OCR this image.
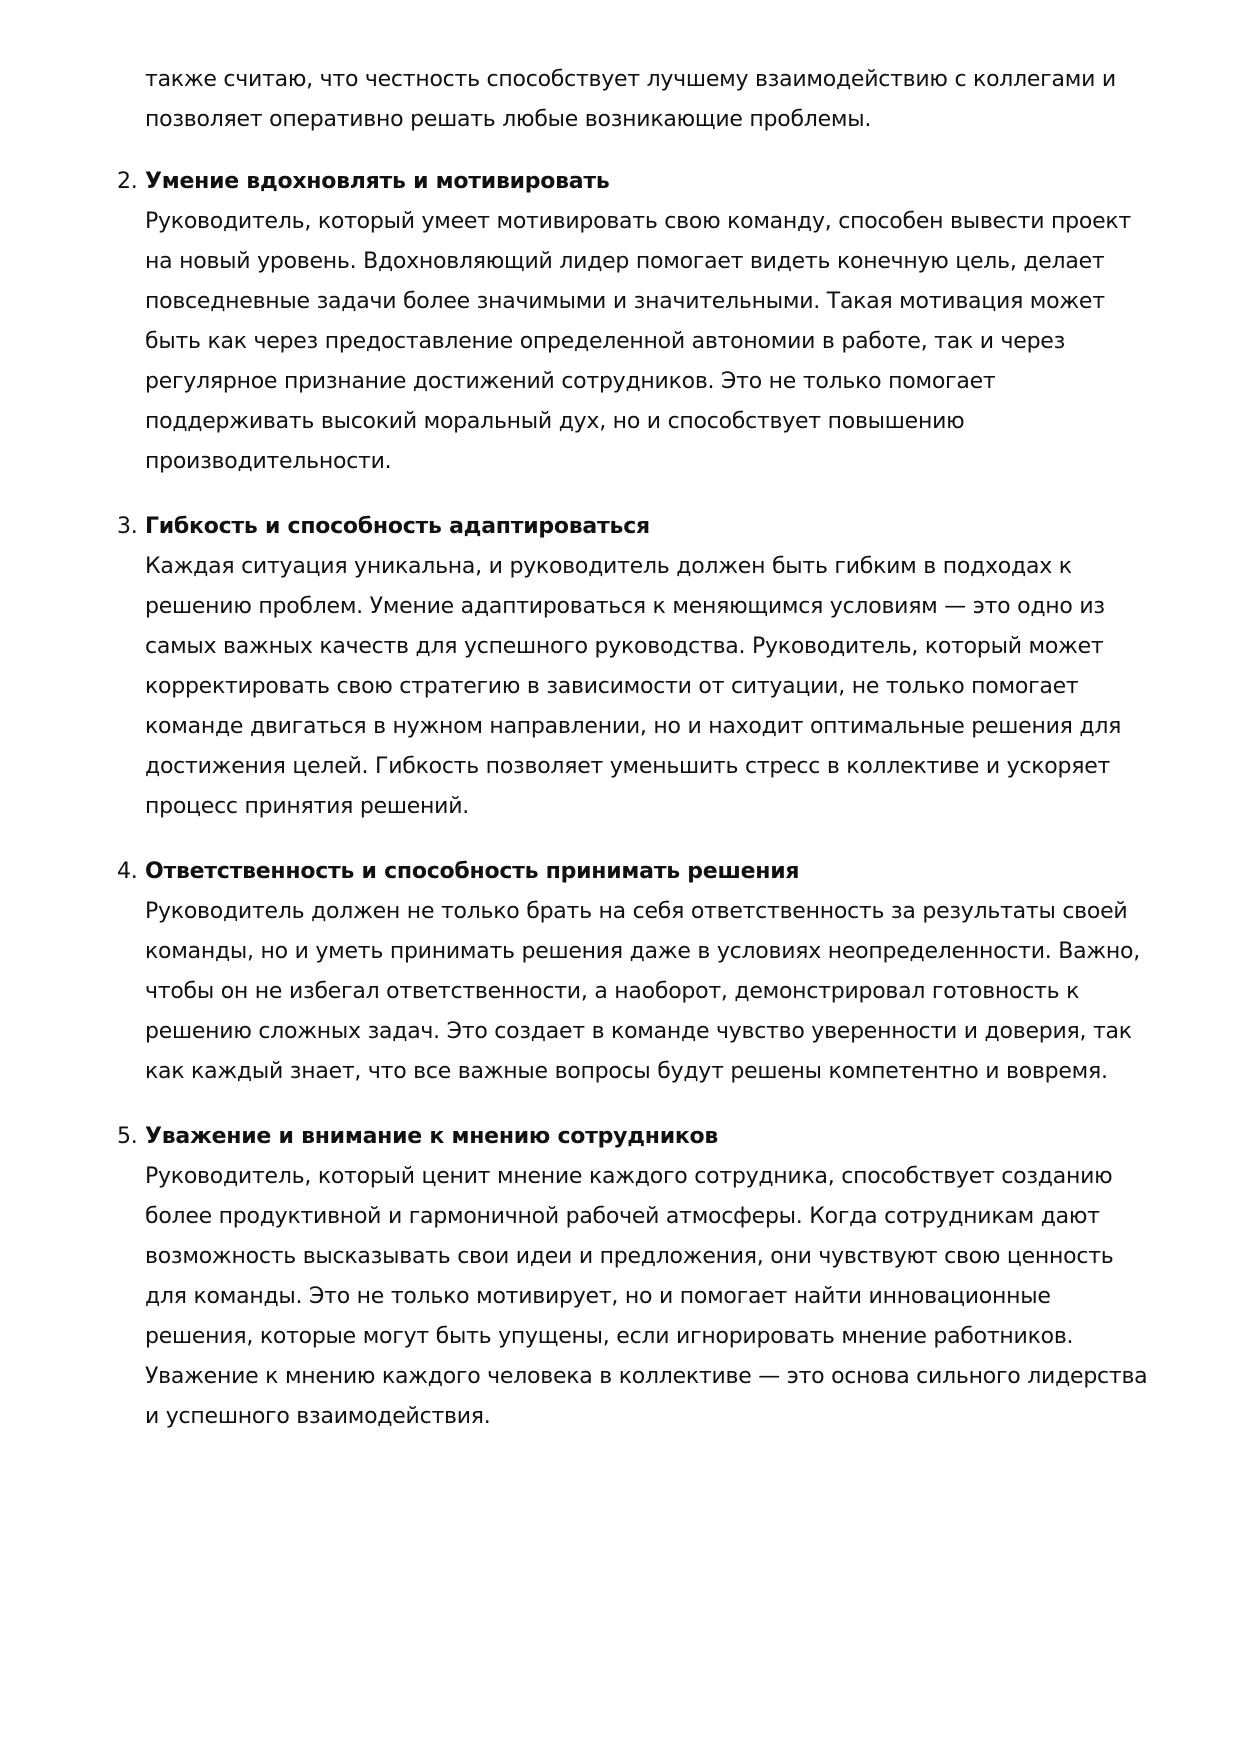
также считаю, что честность способствует лучшему взаимодействию с коллегами и
позволяет оперативно решать любые возникающие проблемы.
2. Умение вдохновлять и мотивировать
Руководитель, который умеет мотивировать свою команду, способен вывести проект
на новый уровень. Вдохновляющий лидер помогает видеть конечную цель, делает
повседневные задачи более значимыми и значительными. Такая мотивация может
быть как через предоставление определенной автономии в работе, так и через
регулярное признание достижений сотрудников. Это не только помогает
поддерживать высокий моральный дух, но и способствует повышению
производительности.
3. Гибкость и способность адаптироваться
Каждая ситуация уникальна, и руководитель должен быть гибким в подходах к
решению проблем. Умение адаптироваться к меняющимся условиям — это одно из
самых важных качеств для успешного руководства. Руководитель, который может
корректировать свою стратегию в зависимости от ситуации, не только помогает
команде двигаться в нужном направлении, но и находит оптимальные решения для
достижения целей. Гибкость позволяет уменьшить стресс в коллективе и ускоряет
процесс принятия решений.
4. Ответственность и способность принимать решения
Руководитель должен не только брать на себя ответственность за результаты своей
команды, но и уметь принимать решения даже в условиях неопределенности. Важно,
чтобы он не избегал ответственности, а наоборот, демонстрировал готовность к
решению сложных задач. Это создает в команде чувство уверенности и доверия, так
как каждый знает, что все важные вопросы будут решены компетентно и вовремя.
5. Уважение и внимание к мнению сотрудников
Руководитель, который ценит мнение каждого сотрудника, способствует созданию
более продуктивной и гармоничной рабочей атмосферы. Когда сотрудникам дают
возможность высказывать свои идеи и предложения, они чувствуют свою ценность
для команды. Это не только мотивирует, но и помогает найти инновационные
решения, которые могут быть упущены, если игнорировать мнение работников.
Уважение к мнению каждого человека в коллективе — это основа сильного лидерства
и успешного взаимодействия.
